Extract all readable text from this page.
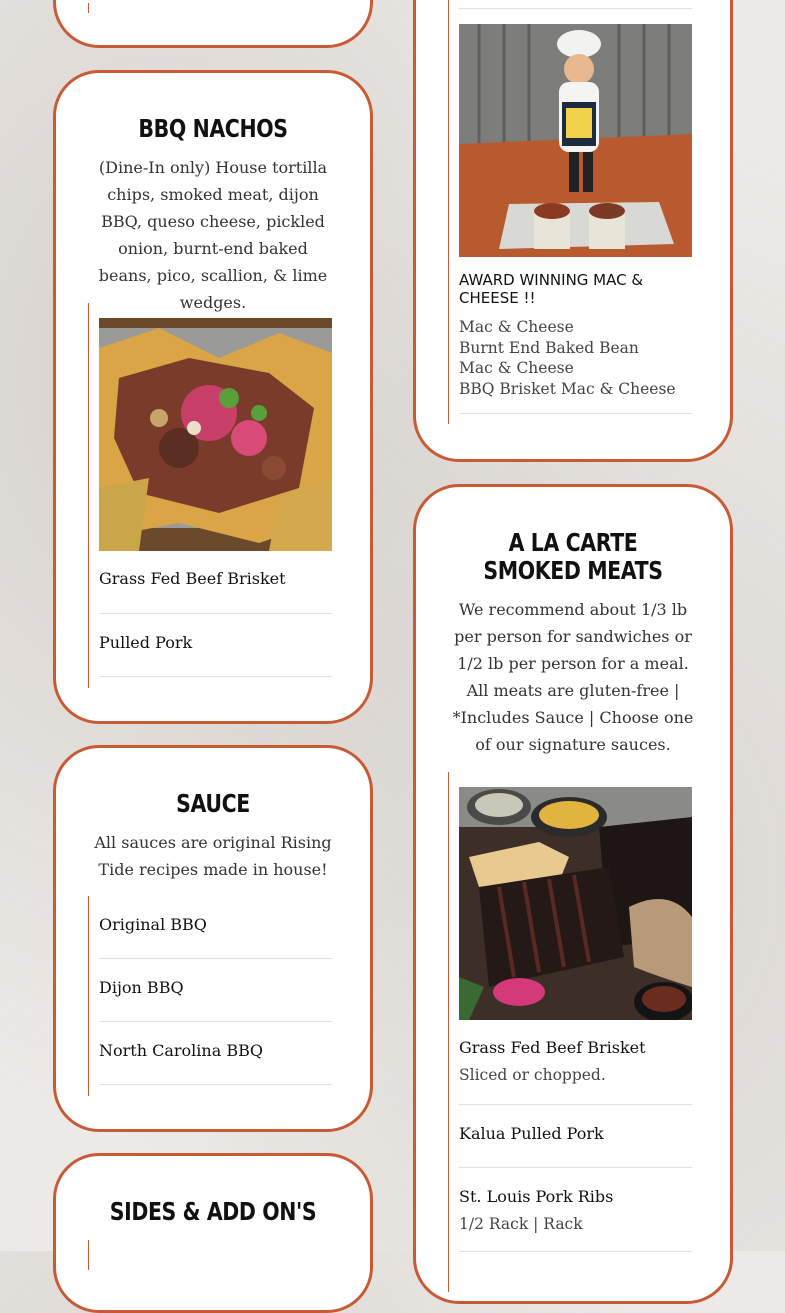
BBQ NACHOS

(Dine-In only) House tortilla chips, smoked meat, dijon BBQ, queso cheese, pickled onion, burnt-end baked beans, pico, scallion, & lime wedges.

Grass Fed Beef Brisket
Pulled Pork
SAUCE

All sauces are original Rising Tide recipes made in house!

Original BBQ
Dijon BBQ
North Carolina BBQ
SIDES & ADD ON'S
AWARD WINNING MAC & CHEESE !!
Mac & Cheese
Burnt End Baked Bean Mac & Cheese
BBQ Brisket Mac & Cheese
A LA CARTE SMOKED MEATS

We recommend about 1/3 lb per person for sandwiches or 1/2 lb per person for a meal. All meats are gluten-free | *Includes Sauce | Choose one of our signature sauces.

Grass Fed Beef Brisket
Sliced or chopped.
Kalua Pulled Pork
St. Louis Pork Ribs
1/2 Rack | Rack
